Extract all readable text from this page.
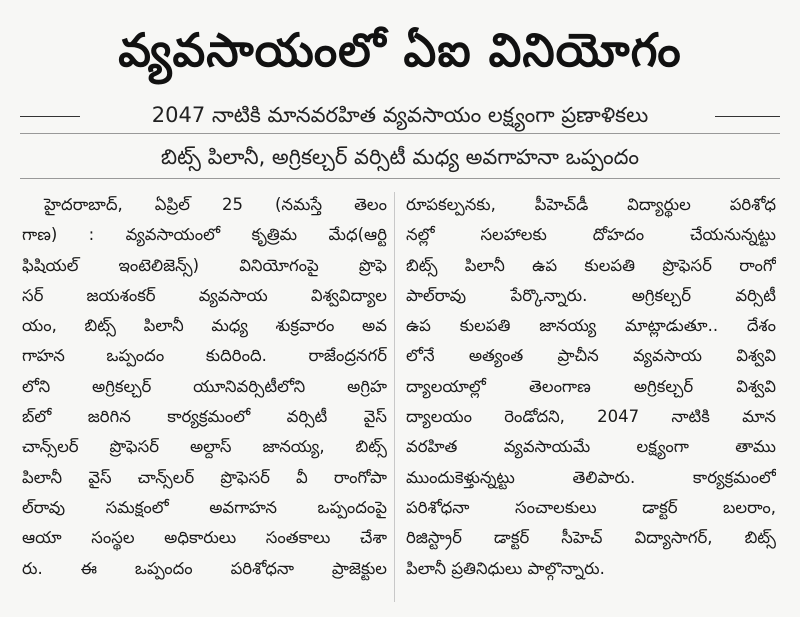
వ్యవసాయంలో ఏఐ వినియోగం
2047 నాటికి మానవరహిత వ్యవసాయం లక్ష్యంగా ప్రణాళికలు
బిట్స్ పిలానీ, అగ్రికల్చర్ వర్సిటీ మధ్య అవగాహనా ఒప్పందం
హైదరాబాద్, ఏప్రిల్ 25 (నమస్తే తెలం
గాణ) : వ్యవసాయంలో కృత్రిమ మేధ(ఆర్టి
ఫిషియల్ ఇంటెలిజెన్స్) వినియోగంపై ప్రొఫె
సర్ జయశంకర్ వ్యవసాయ విశ్వవిద్యాల
యం, బిట్స్ పిలానీ మధ్య శుక్రవారం అవ
గాహన ఒప్పందం కుదిరింది. రాజేంద్రనగర్
లోని అగ్రికల్చర్ యూనివర్సిటీలోని అగ్రిహ
బ్‌లో జరిగిన కార్యక్రమంలో వర్సిటీ వైస్
చాన్స్‌లర్ ప్రొఫెసర్ అల్దాస్ జానయ్య, బిట్స్
పిలానీ వైస్ చాన్స్‌లర్ ప్రొఫెసర్ వీ రాంగోపా
ల్‌రావు సమక్షంలో అవగాహన ఒప్పందంపై
ఆయా సంస్థల అధికారులు సంతకాలు చేశా
రు. ఈ ఒప్పందం పరిశోధనా ప్రాజెక్టుల
రూపకల్పనకు, పీహెచ్‌డీ విద్యార్థుల పరిశోధ
నల్లో సలహాలకు దోహదం చేయనున్నట్టు
బిట్స్ పిలానీ ఉప కులపతి ప్రొఫెసర్ రాంగో
పాల్‌రావు పేర్కొన్నారు. అగ్రికల్చర్ వర్సిటీ
ఉప కులపతి జానయ్య మాట్లాడుతూ.. దేశం
లోనే అత్యంత ప్రాచీన వ్యవసాయ విశ్వవి
ద్యాలయాల్లో తెలంగాణ అగ్రికల్చర్ విశ్వవి
ద్యాలయం రెండోదని, 2047 నాటికి మాన
వరహిత వ్యవసాయమే లక్ష్యంగా తాము
ముందుకెళ్తున్నట్టు తెలిపారు. కార్యక్రమంలో
పరిశోధనా సంచాలకులు డాక్టర్ బలరాం,
రిజిస్ట్రార్ డాక్టర్ సీహెచ్ విద్యాసాగర్, బిట్స్
పిలానీ ప్రతినిధులు పాల్గొన్నారు.
